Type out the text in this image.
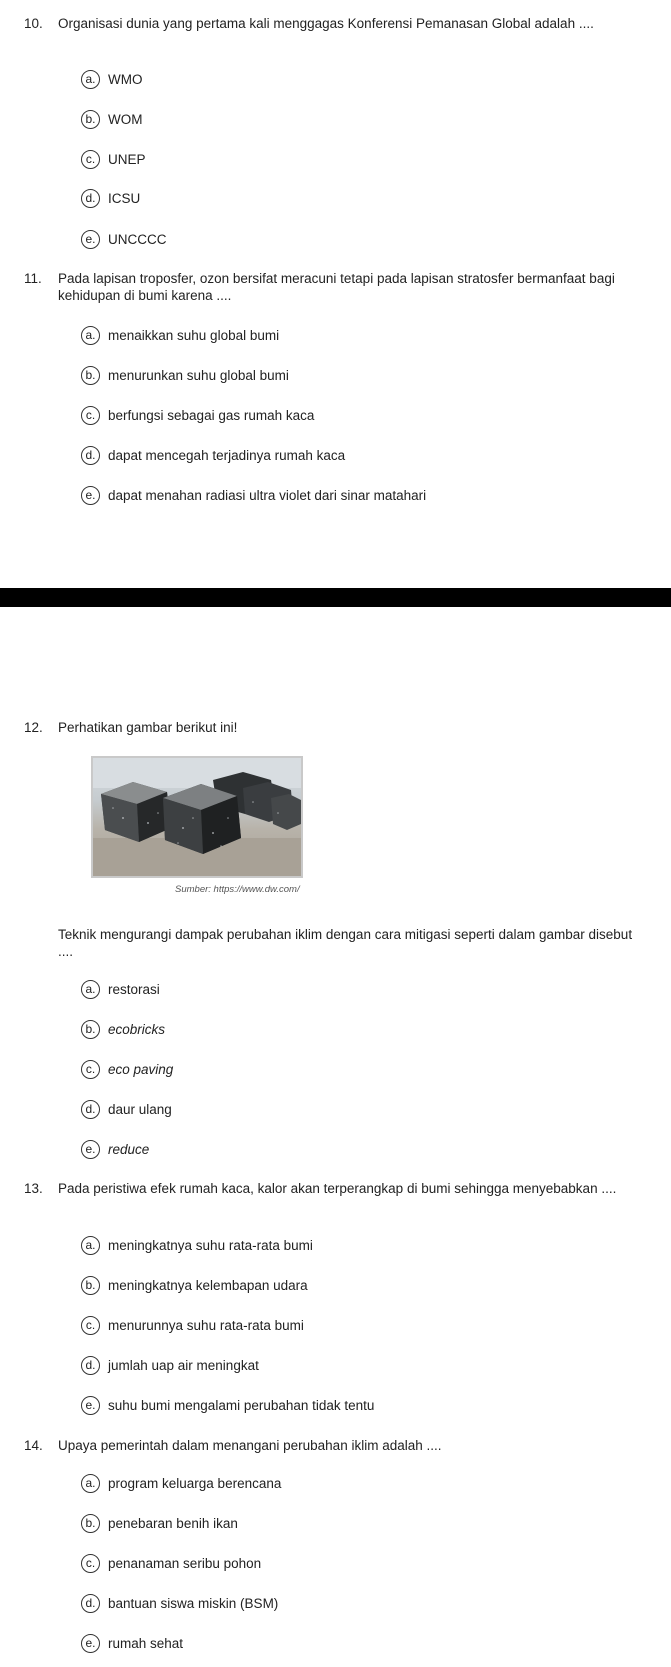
10.	Organisasi dunia yang pertama kali menggagas Konferensi Pemanasan Global adalah ....
a. WMO
b. WOM
c. UNEP
d. ICSU
e. UNCCCC
11.	Pada lapisan troposfer, ozon bersifat meracuni tetapi pada lapisan stratosfer bermanfaat bagi kehidupan di bumi karena ....
a. menaikkan suhu global bumi
b. menurunkan suhu global bumi
c. berfungsi sebagai gas rumah kaca
d. dapat mencegah terjadinya rumah kaca
e. dapat menahan radiasi ultra violet dari sinar matahari
12.	Perhatikan gambar berikut ini!
Sumber: https://www.dw.com/
Teknik mengurangi dampak perubahan iklim dengan cara mitigasi seperti dalam gambar disebut ....
a. restorasi
b. ecobricks
c. eco paving
d. daur ulang
e. reduce
13.	Pada peristiwa efek rumah kaca, kalor akan terperangkap di bumi sehingga menyebabkan ....
a. meningkatnya suhu rata-rata bumi
b. meningkatnya kelembapan udara
c. menurunnya suhu rata-rata bumi
d. jumlah uap air meningkat
e. suhu bumi mengalami perubahan tidak tentu
14.	Upaya pemerintah dalam menangani perubahan iklim adalah ....
a. program keluarga berencana
b. penebaran benih ikan
c. penanaman seribu pohon
d. bantuan siswa miskin (BSM)
e. rumah sehat
